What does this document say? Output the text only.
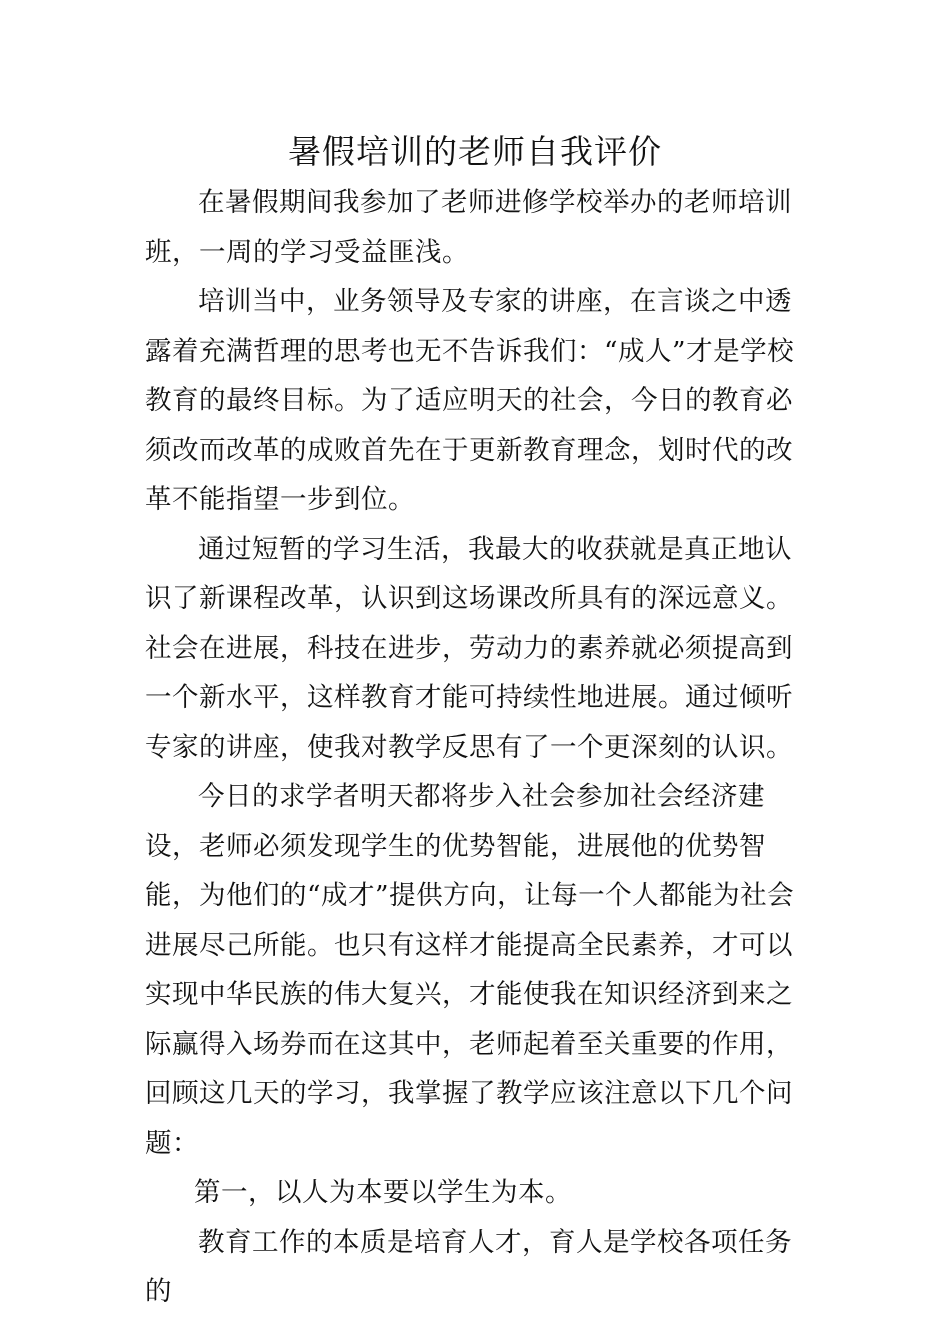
暑假培训的老师自我评价

在暑假期间我参加了老师进修学校举办的老师培训班，一周的学习受益匪浅。

培训当中，业务领导及专家的讲座，在言谈之中透露着充满哲理的思考也无不告诉我们：“成人”才是学校教育的最终目标。为了适应明天的社会，今日的教育必须改而改革的成败首先在于更新教育理念，划时代的改革不能指望一步到位。

通过短暂的学习生活，我最大的收获就是真正地认识了新课程改革，认识到这场课改所具有的深远意义。社会在进展，科技在进步，劳动力的素养就必须提高到一个新水平，这样教育才能可持续性地进展。通过倾听专家的讲座，使我对教学反思有了一个更深刻的认识。

今日的求学者明天都将步入社会参加社会经济建设，老师必须发现学生的优势智能，进展他的优势智能，为他们的“成才”提供方向，让每一个人都能为社会进展尽己所能。也只有这样才能提高全民素养，才可以实现中华民族的伟大复兴，才能使我在知识经济到来之际赢得入场券而在这其中，老师起着至关重要的作用，回顾这几天的学习，我掌握了教学应该注意以下几个问题：

第一，以人为本要以学生为本。

教育工作的本质是培育人才，育人是学校各项任务的
